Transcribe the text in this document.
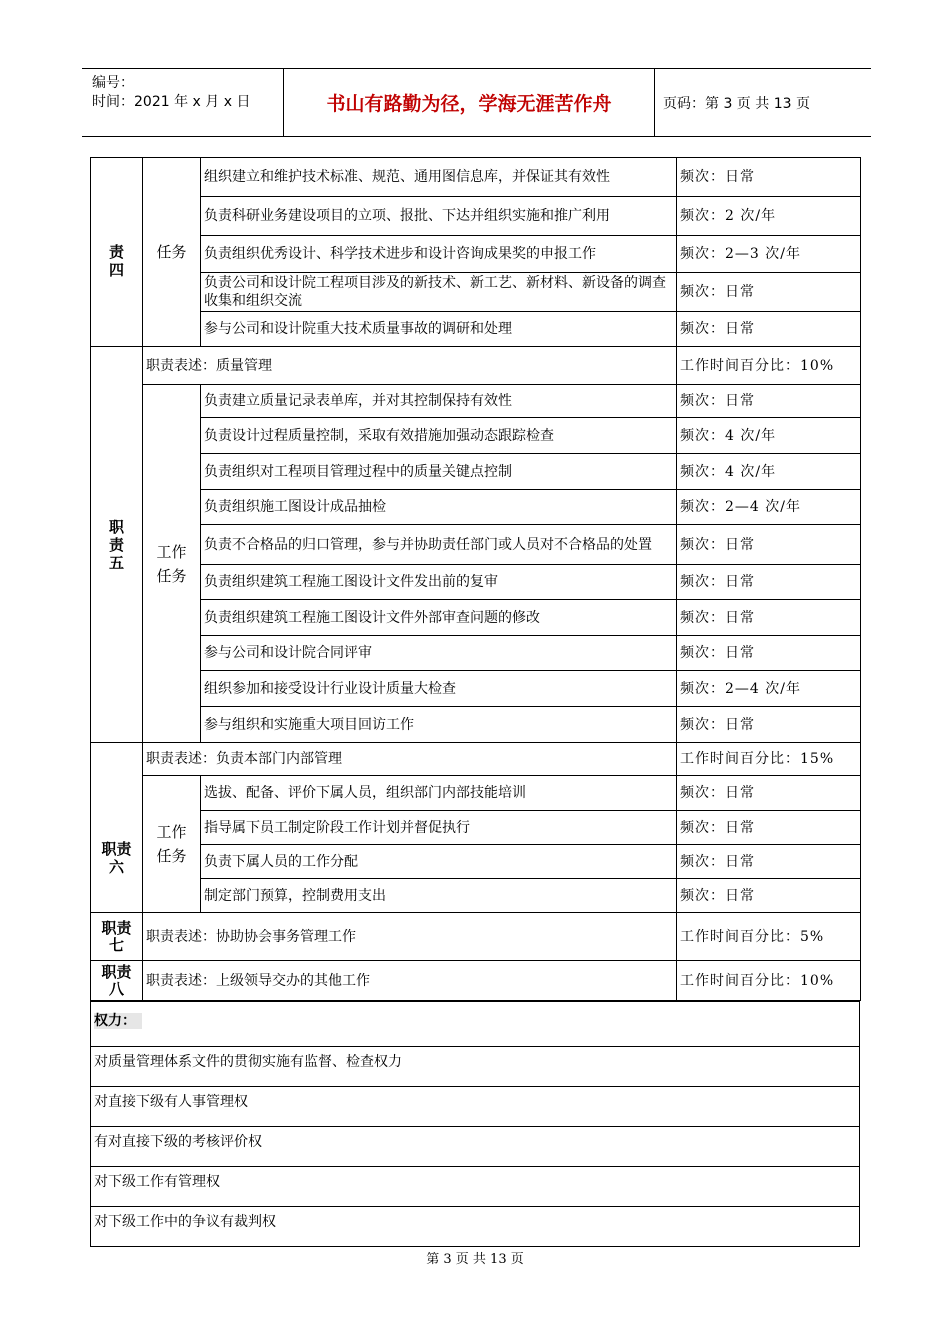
编号：
时间：2021 年 x 月 x 日	书山有路勤为径，学海无涯苦作舟	页码：第 3 页 共 13 页
责
四	任务	组织建立和维护技术标准、规范、通用图信息库，并保证其有效性	频次：日常
		负责科研业务建设项目的立项、报批、下达并组织实施和推广利用	频次：2 次/年
		负责组织优秀设计、科学技术进步和设计咨询成果奖的申报工作	频次：2—3 次/年
		负责公司和设计院工程项目涉及的新技术、新工艺、新材料、新设备的调查收集和组织交流	频次：日常
		参与公司和设计院重大技术质量事故的调研和处理	频次：日常
职
责
五	职责表述：质量管理		工作时间百分比：10%
	工作
任务	负责建立质量记录表单库，并对其控制保持有效性	频次：日常
		负责设计过程质量控制，采取有效措施加强动态跟踪检查	频次：4 次/年
		负责组织对工程项目管理过程中的质量关键点控制	频次：4 次/年
		负责组织施工图设计成品抽检	频次：2—4 次/年
		负责不合格品的归口管理，参与并协助责任部门或人员对不合格品的处置	频次：日常
		负责组织建筑工程施工图设计文件发出前的复审	频次：日常
		负责组织建筑工程施工图设计文件外部审查问题的修改	频次：日常
		参与公司和设计院合同评审	频次：日常
		组织参加和接受设计行业设计质量大检查	频次：2—4 次/年
		参与组织和实施重大项目回访工作	频次：日常
职责
六	职责表述：负责本部门内部管理		工作时间百分比：15%
	工作
任务	选拔、配备、评价下属人员，组织部门内部技能培训	频次：日常
		指导属下员工制定阶段工作计划并督促执行	频次：日常
		负责下属人员的工作分配	频次：日常
		制定部门预算，控制费用支出	频次：日常
职责
七	职责表述：协助协会事务管理工作		工作时间百分比：5%
职责
八	职责表述：上级领导交办的其他工作		工作时间百分比：10%
权力：
对质量管理体系文件的贯彻实施有监督、检查权力
对直接下级有人事管理权
有对直接下级的考核评价权
对下级工作有管理权
对下级工作中的争议有裁判权
第 3 页 共 13 页
